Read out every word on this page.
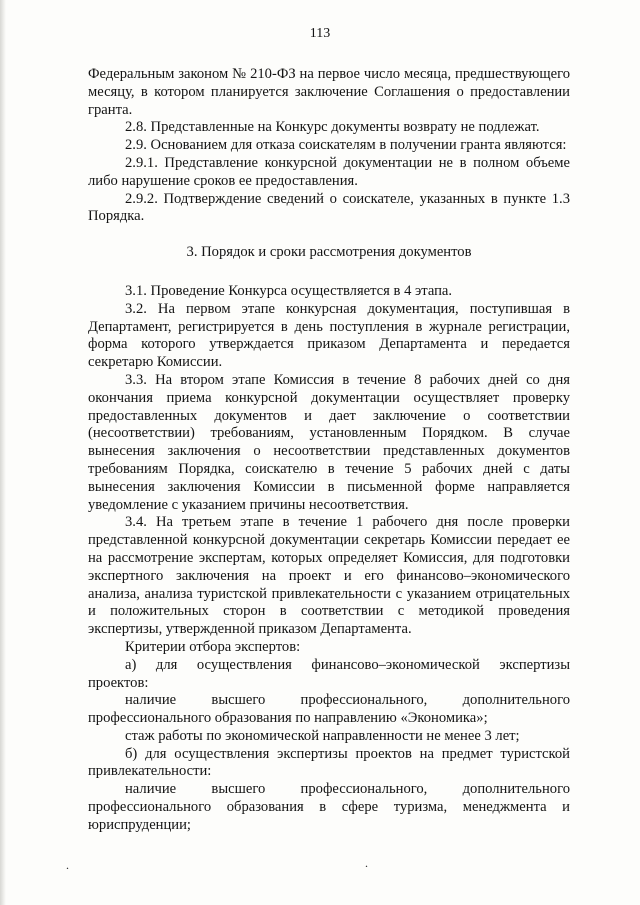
113

Федеральным законом № 210-ФЗ на первое число месяца, предшествующего месяцу, в котором планируется заключение Соглашения о предоставлении гранта.

2.8. Представленные на Конкурс документы возврату не подлежат.

2.9. Основанием для отказа соискателям в получении гранта являются:

2.9.1. Представление конкурсной документации не в полном объеме либо нарушение сроков ее предоставления.

2.9.2. Подтверждение сведений о соискателе, указанных в пункте 1.3 Порядка.

3. Порядок и сроки рассмотрения документов

3.1. Проведение Конкурса осуществляется в 4 этапа.

3.2. На первом этапе конкурсная документация, поступившая в Департамент, регистрируется в день поступления в журнале регистрации, форма которого утверждается приказом Департамента и передается секретарю Комиссии.

3.3. На втором этапе Комиссия в течение 8 рабочих дней со дня окончания приема конкурсной документации осуществляет проверку предоставленных документов и дает заключение о соответствии (несоответствии) требованиям, установленным Порядком. В случае вынесения заключения о несоответствии представленных документов требованиям Порядка, соискателю в течение 5 рабочих дней с даты вынесения заключения Комиссии в письменной форме направляется уведомление с указанием причины несоответствия.

3.4. На третьем этапе в течение 1 рабочего дня после проверки представленной конкурсной документации секретарь Комиссии передает ее на рассмотрение экспертам, которых определяет Комиссия, для подготовки экспертного заключения на проект и его финансово–экономического анализа, анализа туристской привлекательности с указанием отрицательных и положительных сторон в соответствии с методикой проведения экспертизы, утвержденной приказом Департамента.

Критерии отбора экспертов:

а) для осуществления финансово–экономической экспертизы проектов:

наличие высшего профессионального, дополнительного профессионального образования по направлению «Экономика»;

стаж работы по экономической направленности не менее 3 лет;

б) для осуществления экспертизы проектов на предмет туристской привлекательности:

наличие высшего профессионального, дополнительного профессионального образования в сфере туризма, менеджмента и юриспруденции;

.	.
